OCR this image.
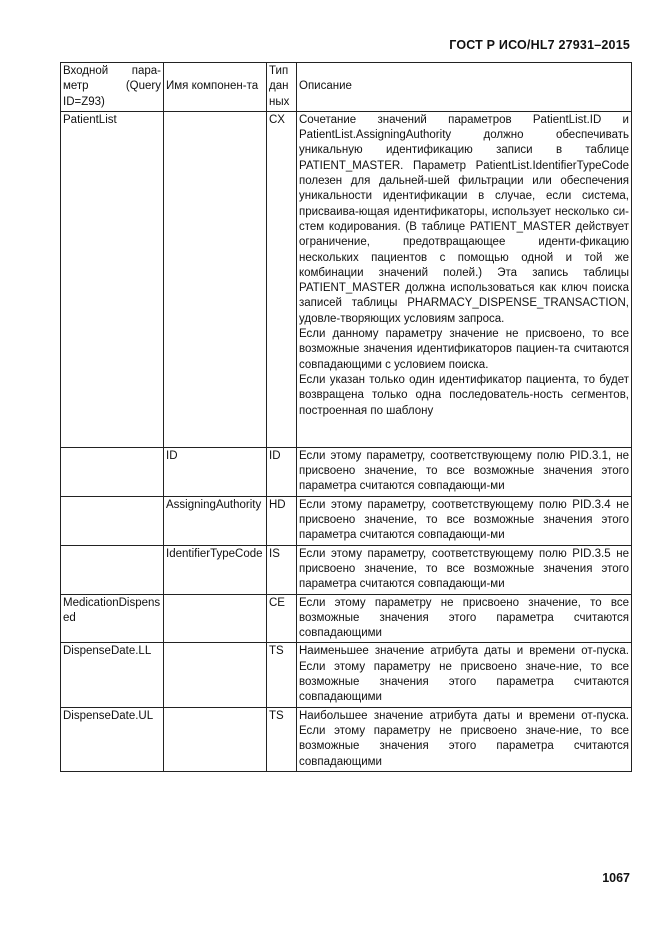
ГОСТ Р ИСО/HL7 27931–2015
Входной пара-метр (Query ID=Z93)	Имя компонен-та	Тип дан ных	Описание
PatientList		CX	Сочетание значений параметров PatientList.ID и PatientList.AssigningAuthority должно обеспечивать уникальную идентификацию записи в таблице PATIENT_MASTER. Параметр PatientList.IdentifierTypeCode полезен для дальней-шей фильтрации или обеспечения уникальности идентификации в случае, если система, присваива-ющая идентификаторы, использует несколько си-стем кодирования. (В таблице PATIENT_MASTER действует ограничение, предотвращающее иденти-фикацию нескольких пациентов с помощью одной и той же комбинации значений полей.) Эта запись таблицы PATIENT_MASTER должна использоваться как ключ поиска записей таблицы PHARMACY_DISPENSE_TRANSACTION, удовле-творяющих условиям запроса.

Если данному параметру значение не присвоено, то все возможные значения идентификаторов пациен-та считаются совпадающими с условием поиска.

Если указан только один идентификатор пациента, то будет возвращена только одна последователь-ность сегментов, построенная по шаблону

	ID	ID	Если этому параметру, соответствующему полю PID.3.1, не присвоено значение, то все возможные значения этого параметра считаются совпадающи-ми
	AssigningAuthority	HD	Если этому параметру, соответствующему полю PID.3.4 не присвоено значение, то все возможные значения этого параметра считаются совпадающи-ми
	IdentifierTypeCode	IS	Если этому параметру, соответствующему полю PID.3.5 не присвоено значение, то все возможные значения этого параметра считаются совпадающи-ми
MedicationDispensed		CE	Если этому параметру не присвоено значение, то все возможные значения этого параметра считаются совпадающими
DispenseDate.LL		TS	Наименьшее значение атрибута даты и времени от-пуска. Если этому параметру не присвоено значе-ние, то все возможные значения этого параметра считаются совпадающими
DispenseDate.UL		TS	Наибольшее значение атрибута даты и времени от-пуска. Если этому параметру не присвоено значе-ние, то все возможные значения этого параметра считаются совпадающими
1067
